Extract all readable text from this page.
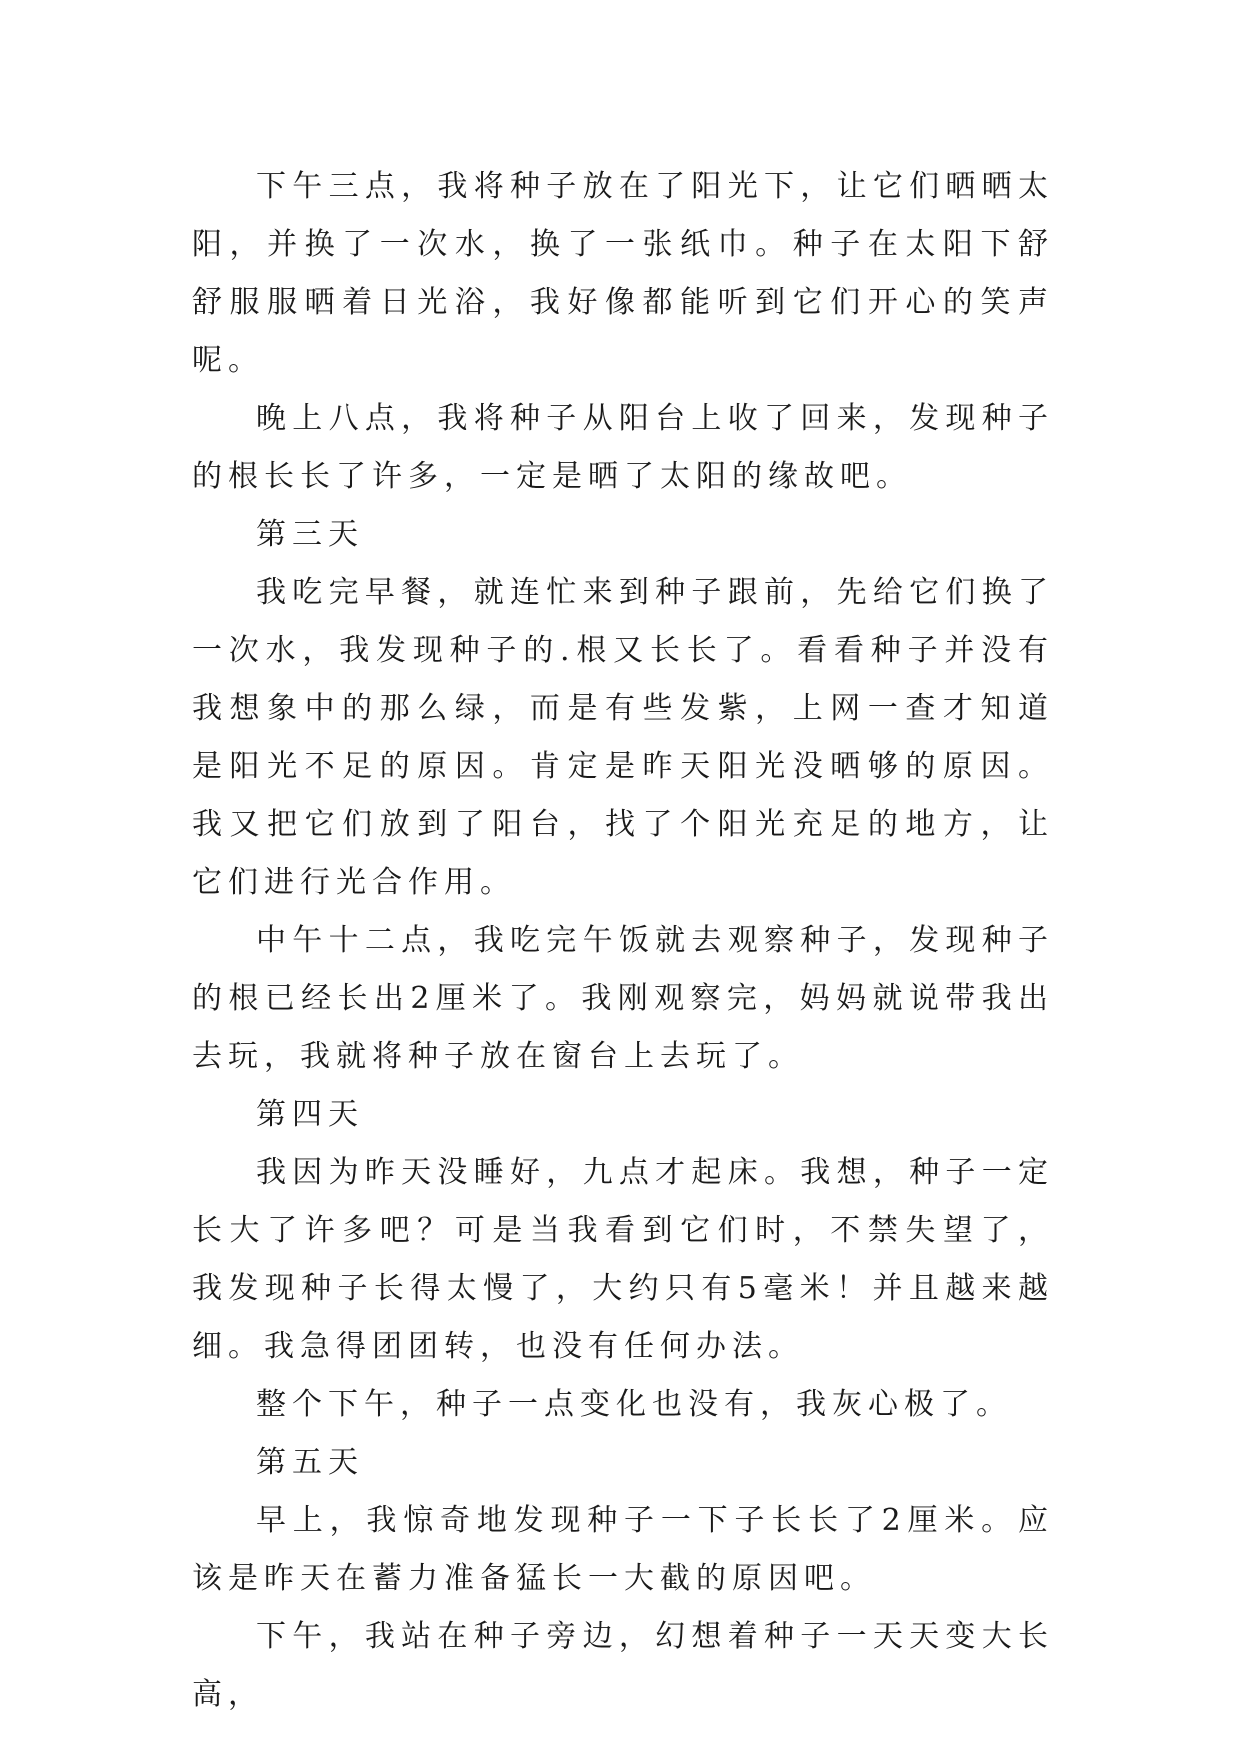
下午三点，我将种子放在了阳光下，让它们晒晒太阳，并换了一次水，换了一张纸巾。种子在太阳下舒舒服服晒着日光浴，我好像都能听到它们开心的笑声呢。

晚上八点，我将种子从阳台上收了回来，发现种子的根长长了许多，一定是晒了太阳的缘故吧。

第三天

我吃完早餐，就连忙来到种子跟前，先给它们换了一次水，我发现种子的.根又长长了。看看种子并没有我想象中的那么绿，而是有些发紫，上网一查才知道是阳光不足的原因。肯定是昨天阳光没晒够的原因。我又把它们放到了阳台，找了个阳光充足的地方，让它们进行光合作用。

中午十二点，我吃完午饭就去观察种子，发现种子的根已经长出2厘米了。我刚观察完，妈妈就说带我出去玩，我就将种子放在窗台上去玩了。

第四天

我因为昨天没睡好，九点才起床。我想，种子一定长大了许多吧？可是当我看到它们时，不禁失望了，我发现种子长得太慢了，大约只有5毫米！并且越来越细。我急得团团转，也没有任何办法。

整个下午，种子一点变化也没有，我灰心极了。

第五天

早上，我惊奇地发现种子一下子长长了2厘米。应该是昨天在蓄力准备猛长一大截的原因吧。

下午，我站在种子旁边，幻想着种子一天天变大长高，
